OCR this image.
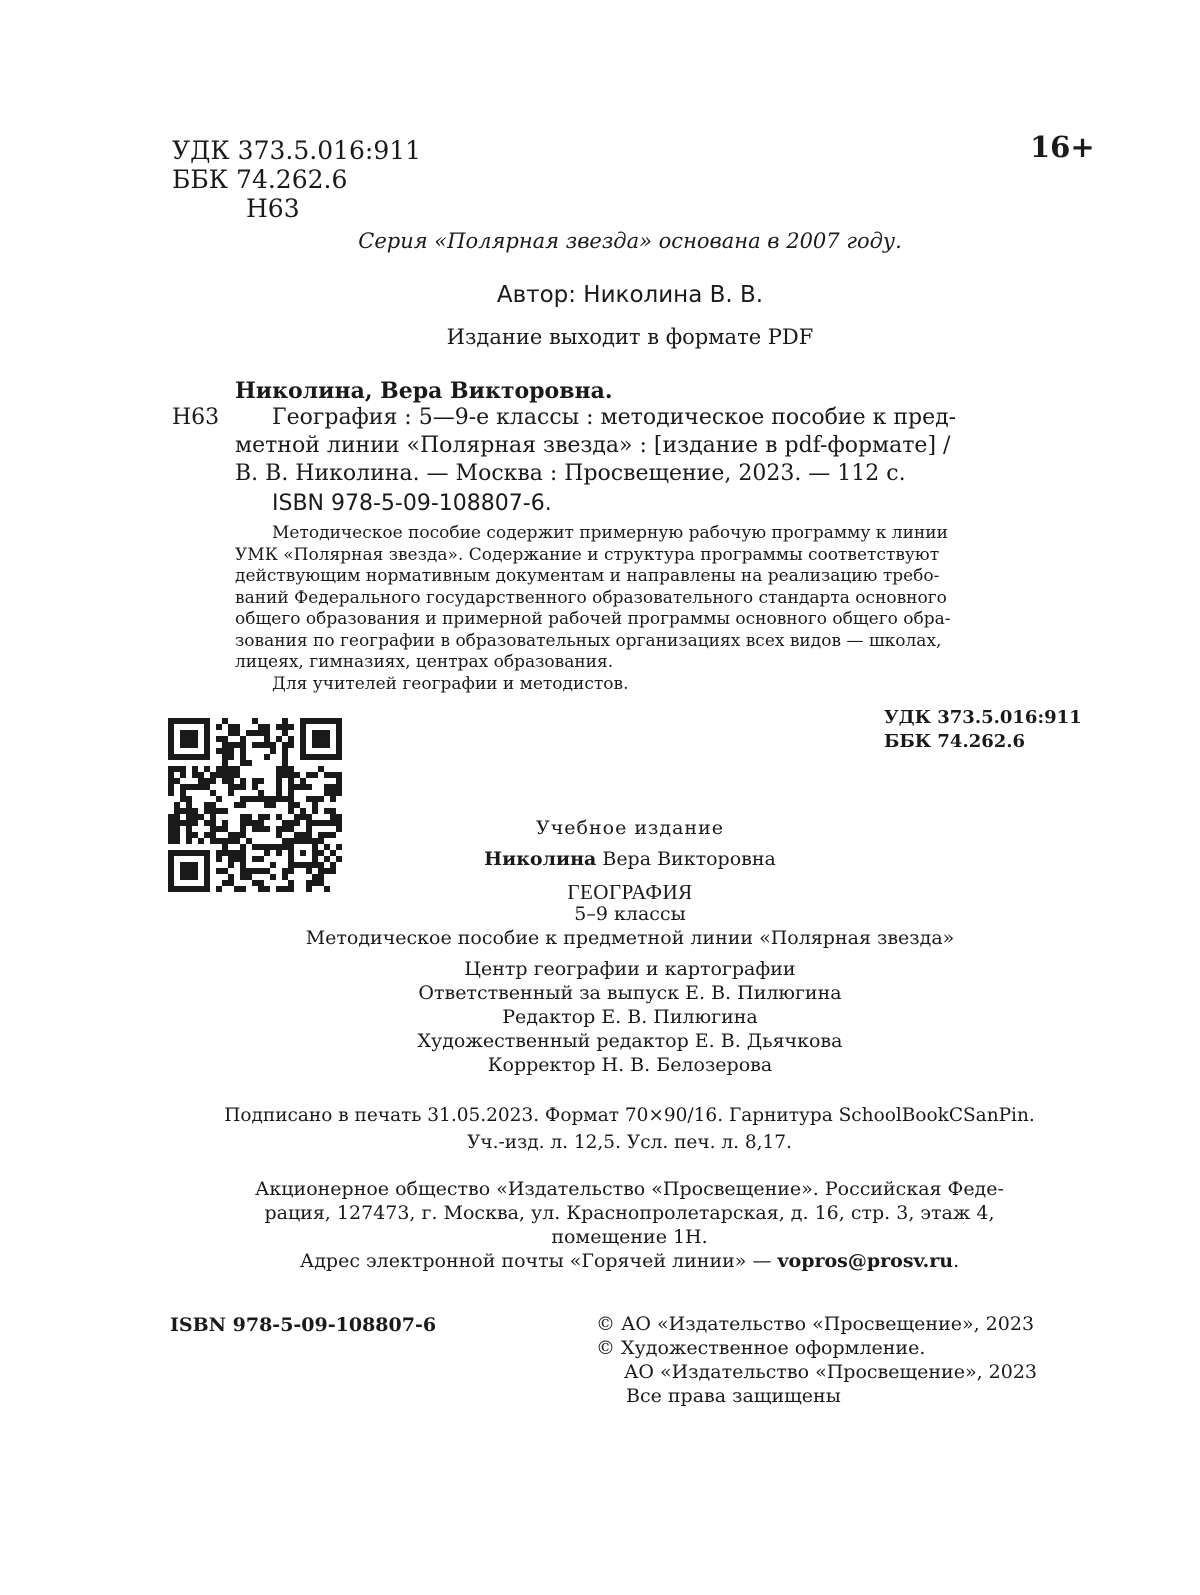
УДК 373.5.016:911
ББК 74.262.6
Н63
16+
Серия «Полярная звезда» основана в 2007 году.
Автор: Николина В. В.
Издание выходит в формате PDF
Николина, Вера Викторовна.
Н63 География : 5—9-е классы : методическое пособие к пред-
метной линии «Полярная звезда» : [издание в pdf-формате] /
В. В. Николина. — Москва : Просвещение, 2023. — 112 с.
ISBN 978-5-09-108807-6.

Методическое пособие содержит примерную рабочую программу к линии

УМК «Полярная звезда». Содержание и структура программы соответствуют

действующим нормативным документам и направлены на реализацию требо-

ваний Федерального государственного образовательного стандарта основного

общего образования и примерной рабочей программы основного общего обра-

зования по географии в образовательных организациях всех видов — школах,

лицеях, гимназиях, центрах образования.

Для учителей географии и методистов.

УДК 373.5.016:911
ББК 74.262.6
Учебное издание
Николина Вера Викторовна
ГЕОГРАФИЯ
5–9 классы
Методическое пособие к предметной линии «Полярная звезда»
Центр географии и картографии
Ответственный за выпуск Е. В. Пилюгина
Редактор Е. В. Пилюгина
Художественный редактор Е. В. Дьячкова
Корректор Н. В. Белозерова
Подписано в печать 31.05.2023. Формат 70×90/16. Гарнитура SchoolBookCSanPin.
Уч.-изд. л. 12,5. Усл. печ. л. 8,17.
Акционерное общество «Издательство «Просвещение». Российская Феде-
рация, 127473, г. Москва, ул. Краснопролетарская, д. 16, стр. 3, этаж 4,
помещение 1Н.
Адрес электронной почты «Горячей линии» — vopros@prosv.ru.
ISBN 978-5-09-108807-6	© АО «Издательство «Просвещение», 2023
© Художественное оформление.
АО «Издательство «Просвещение», 2023
Все права защищены
